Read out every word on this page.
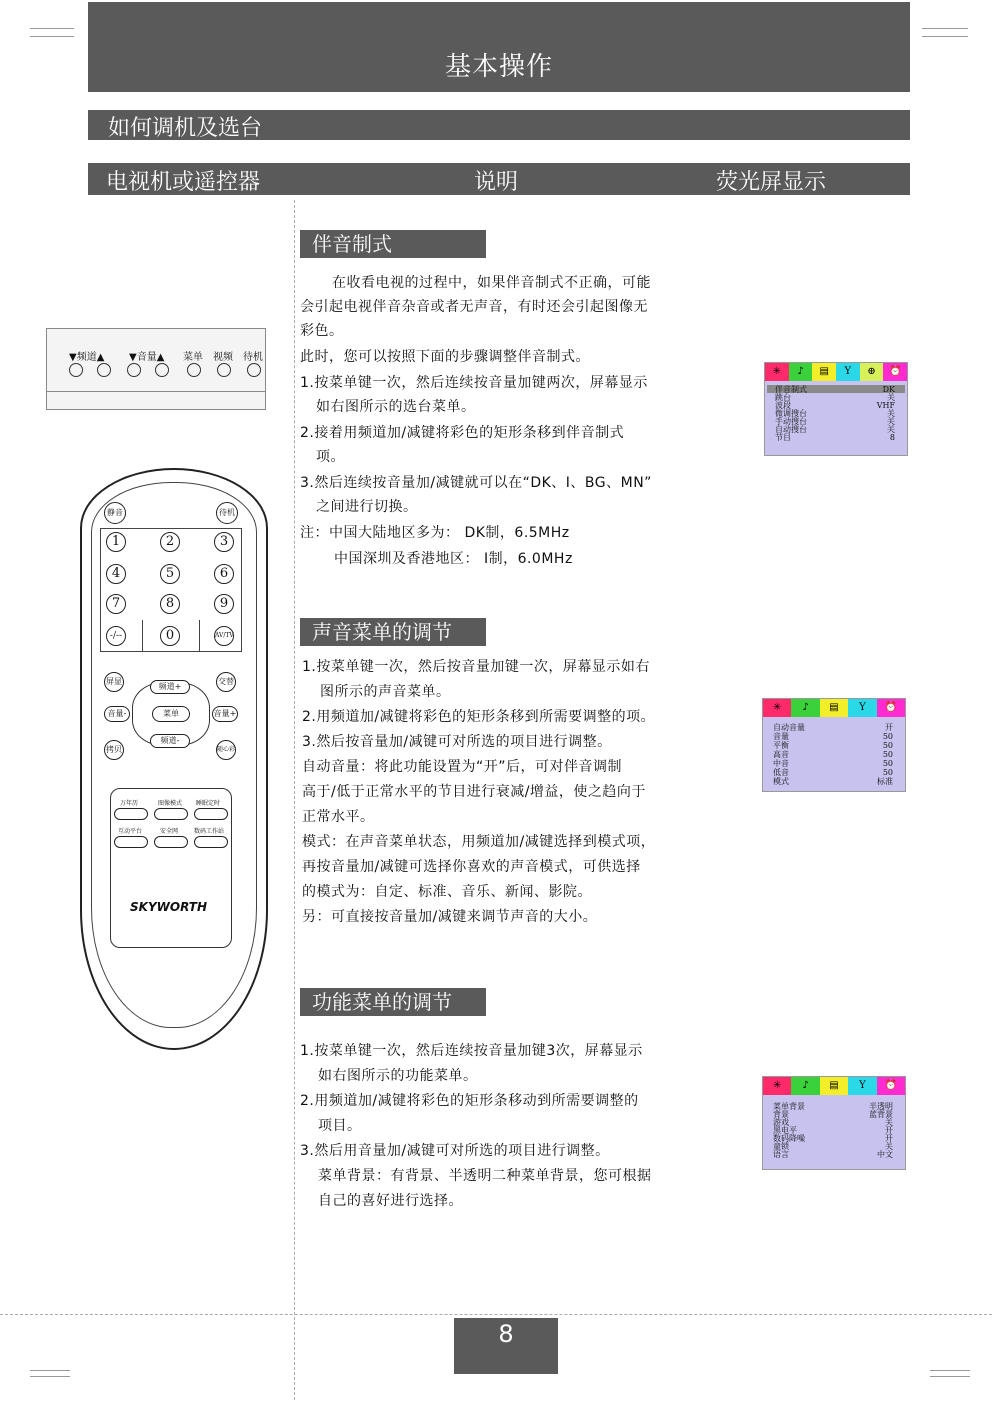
基本操作
如何调机及选台
电视机或遥控器	说明	荧光屏显示
▼频道▲ ▼音量▲ 菜单 视频 待机
静音	待机
1	2	3
4	5	6
7	8	9
-/--	0	AV/TV
屏显	交替
频道+
音量-	菜单	音量+
频道-
拷贝	随心彩
万年历	图像模式 睡眠定时
互动平台	安全网	数码工作站
SKYWORTH
伴音制式
在收看电视的过程中，如果伴音制式不正确，可能
会引起电视伴音杂音或者无声音，有时还会引起图像无
彩色。
此时，您可以按照下面的步骤调整伴音制式。
1.按菜单键一次，然后连续按音量加键两次，屏幕显示
如右图所示的选台菜单。
2.接着用频道加/减键将彩色的矩形条移到伴音制式
项。
3.然后连续按音量加/减键就可以在“DK、I、BG、MN”
之间进行切换。
注：中国大陆地区多为： DK制，6.5MHz
中国深圳及香港地区： I制，6.0MHz
✳	♪	▤	Y	⊕	⏰
伴音制式	DK
跳台	关
波段	VHF
微调搜台	关
手动搜台	关
自动搜台	关
节目	8
声音菜单的调节
1.按菜单键一次，然后按音量加键一次，屏幕显示如右
图所示的声音菜单。
2.用频道加/减键将彩色的矩形条移到所需要调整的项。
3.然后按音量加/减键可对所选的项目进行调整。
自动音量：将此功能设置为“开”后，可对伴音调制
高于/低于正常水平的节目进行衰减/增益，使之趋向于
正常水平。
模式：在声音菜单状态，用频道加/减键选择到模式项，
再按音量加/减键可选择你喜欢的声音模式，可供选择
的模式为：自定、标准、音乐、新闻、影院。
另：可直接按音量加/减键来调节声音的大小。
✳	♪	▤	Y	⏰
自动音量	开
音量	50
平衡	50
高音	50
中音	50
低音	50
模式	标准
功能菜单的调节
1.按菜单键一次，然后连续按音量加键3次，屏幕显示
如右图所示的功能菜单。
2.用频道加/减键将彩色的矩形条移动到所需要调整的
项目。
3.然后用音量加/减键可对所选的项目进行调整。
菜单背景：有背景、半透明二种菜单背景，您可根据
自己的喜好进行选择。
✳	♪	▤	Y	⏰
菜单背景	半透明
背景	蓝背景
游戏	关
黑电平	开
数码降噪	开
童锁	关
语言	中文
8
